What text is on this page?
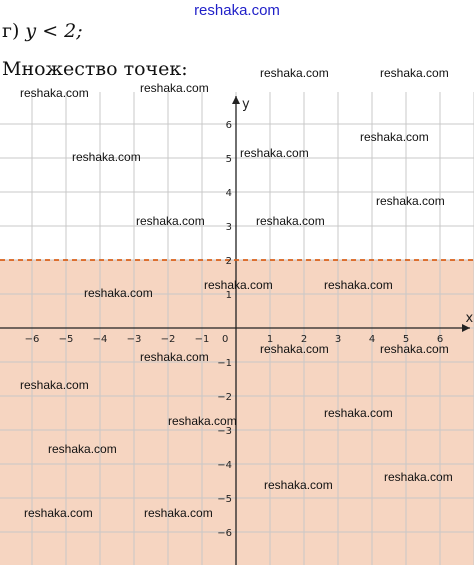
reshaka.com
г) y < 2;
Множество точек:
x
y
−6 −5 −4 −3 −2 −1	1	2	3	4	5	6
6
5
4
3
2
1
−1
−2
−3
−4
−5
−6
0
reshaka.com	reshaka.com
reshaka.com	reshaka.com
reshaka.com	reshaka.com
reshaka.com
reshaka.com
reshaka.com	reshaka.com
reshaka.com
reshaka.com	reshaka.com
reshaka.com	reshaka.com
reshaka.com
reshaka.com
reshaka.com
reshaka.com
reshaka.com
reshaka.com
reshaka.com
reshaka.com	reshaka.com
